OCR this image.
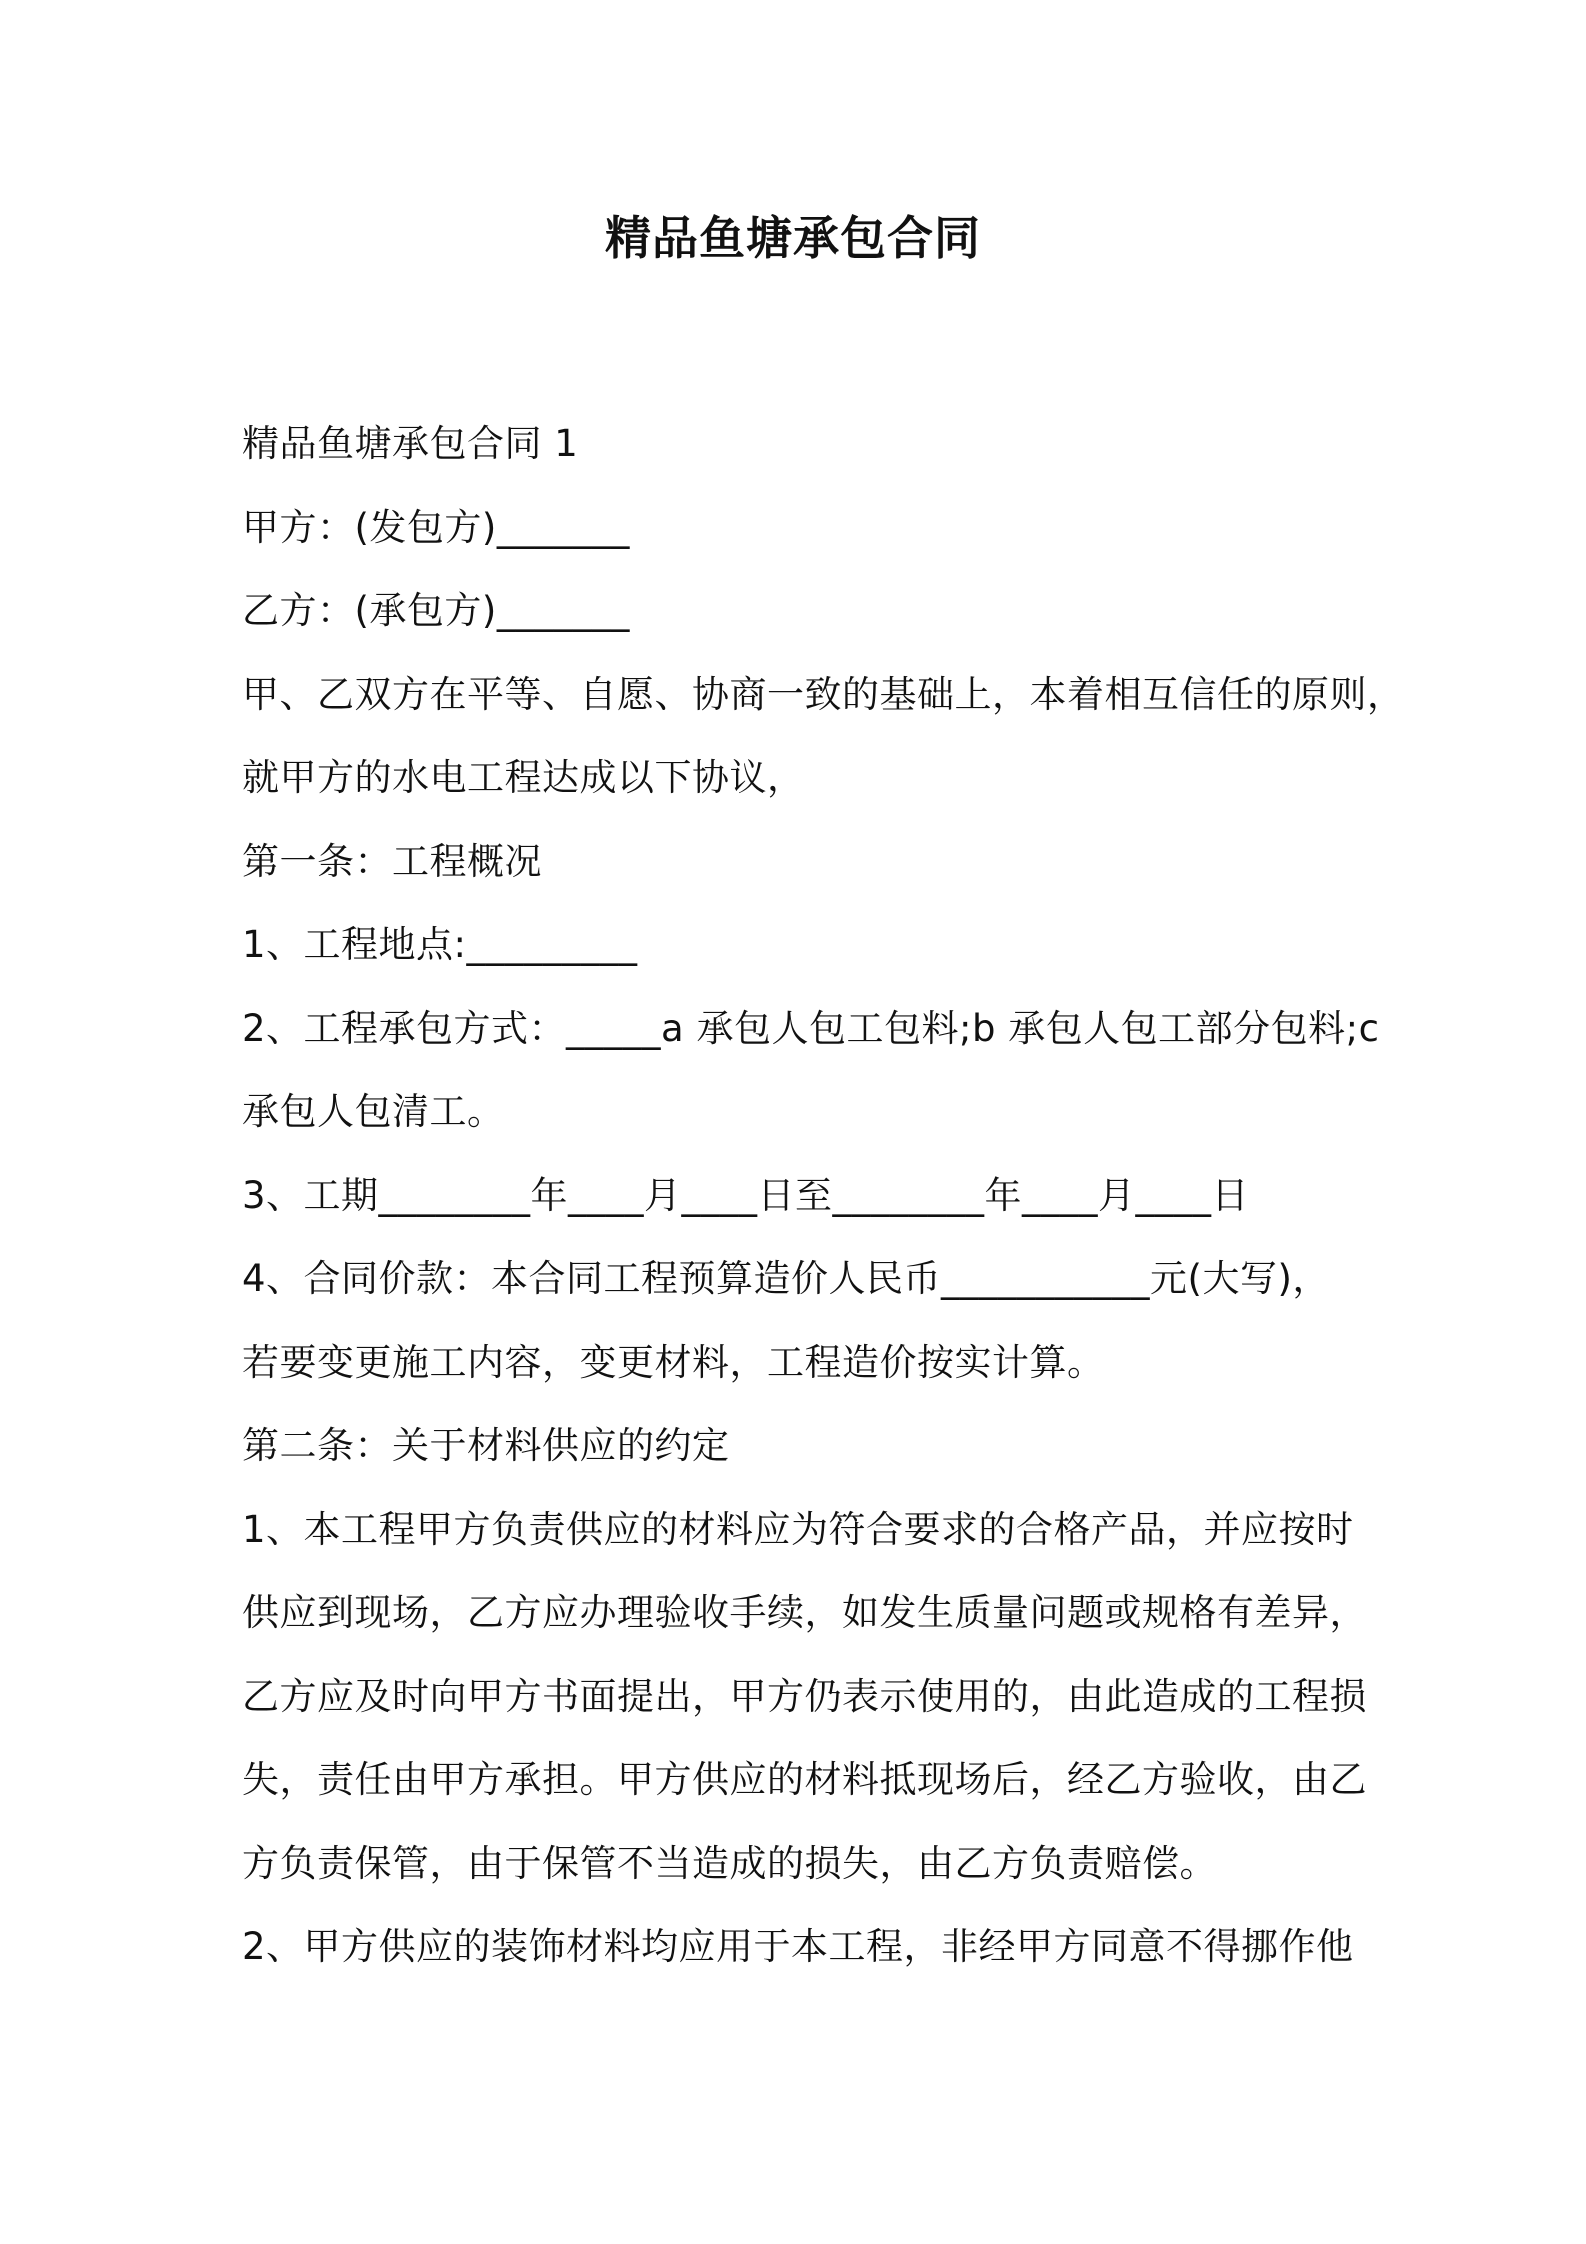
精品鱼塘承包合同
精品鱼塘承包合同 1
甲方：(发包方)_______
乙方：(承包方)_______
甲、乙双方在平等、自愿、协商一致的基础上，本着相互信任的原则，
就甲方的水电工程达成以下协议，
第一条：工程概况
1、工程地点:_________
2、工程承包方式：_____a 承包人包工包料;b 承包人包工部分包料;c
承包人包清工。
3、工期________年____月____日至________年____月____日
4、合同价款：本合同工程预算造价人民币___________元(大写)，
若要变更施工内容，变更材料，工程造价按实计算。
第二条：关于材料供应的约定
1、本工程甲方负责供应的材料应为符合要求的合格产品，并应按时
供应到现场，乙方应办理验收手续，如发生质量问题或规格有差异，
乙方应及时向甲方书面提出，甲方仍表示使用的，由此造成的工程损
失，责任由甲方承担。甲方供应的材料抵现场后，经乙方验收，由乙
方负责保管，由于保管不当造成的损失，由乙方负责赔偿。
2、甲方供应的装饰材料均应用于本工程，非经甲方同意不得挪作他
